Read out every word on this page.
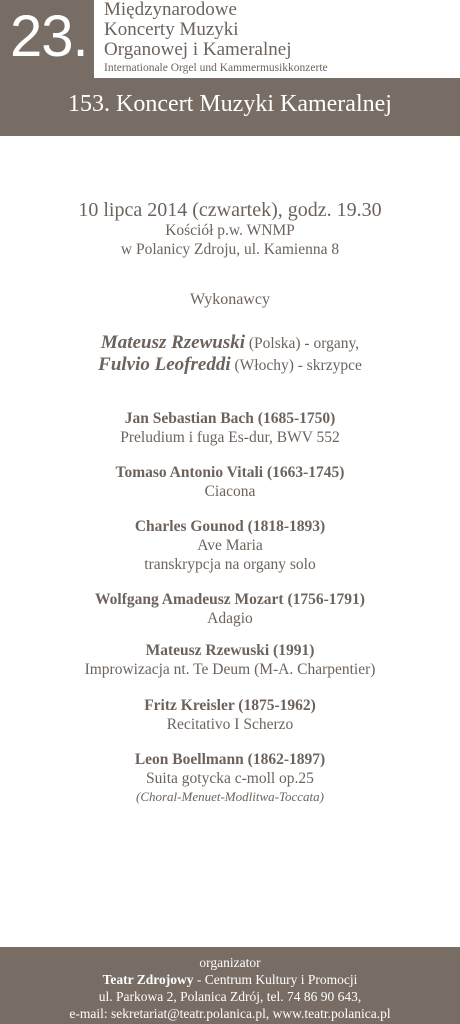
23. Międzynarodowe
Koncerty Muzyki
Organowej i Kameralnej
Internationale Orgel und Kammermusikkonzerte
153. Koncert Muzyki Kameralnej
10 lipca 2014 (czwartek), godz. 19.30
Kościół p.w. WNMP
w Polanicy Zdroju, ul. Kamienna 8
Wykonawcy
Mateusz Rzewuski (Polska) - organy,
Fulvio Leofreddi (Włochy) - skrzypce
Jan Sebastian Bach (1685-1750)
Preludium i fuga Es-dur, BWV 552
Tomaso Antonio Vitali (1663-1745)
Ciacona
Charles Gounod (1818-1893)
Ave Maria
transkrypcja na organy solo
Wolfgang Amadeusz Mozart (1756-1791)
Adagio
Mateusz Rzewuski (1991)
Improwizacja nt. Te Deum (M-A. Charpentier)
Fritz Kreisler (1875-1962)
Recitativo I Scherzo
Leon Boellmann (1862-1897)
Suita gotycka c-moll op.25
(Choral-Menuet-Modlitwa-Toccata)
organizator
Teatr Zdrojowy - Centrum Kultury i Promocji
ul. Parkowa 2, Polanica Zdrój, tel. 74 86 90 643,
e-mail: sekretariat@teatr.polanica.pl, www.teatr.polanica.pl
